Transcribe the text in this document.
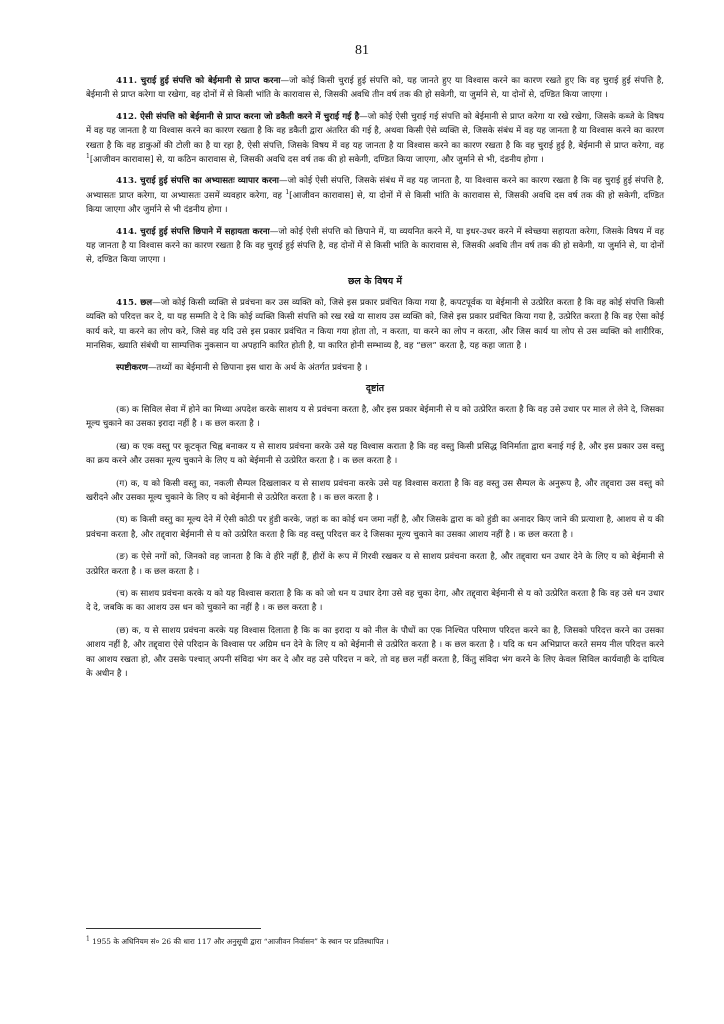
81

411. चुराई हुई संपत्ति को बेईमानी से प्राप्त करना—जो कोई किसी चुराई हुई संपत्ति को, यह जानते हुए या विश्वास करने का कारण रखते हुए कि वह चुराई हुई संपत्ति है, बेईमानी से प्राप्त करेगा या रखेगा, वह दोनों में से किसी भांति के कारावास से, जिसकी अवधि तीन वर्ष तक की हो सकेगी, या जुर्माने से, या दोनों से, दण्डित किया जाएगा ।

412. ऐसी संपत्ति को बेईमानी से प्राप्त करना जो डकैती करने में चुराई गई है—जो कोई ऐसी चुराई गई संपत्ति को बेईमानी से प्राप्त करेगा या रखे रखेगा, जिसके कब्जे के विषय में वह यह जानता है या विश्वास करने का कारण रखता है कि वह डकैती द्वारा अंतरित की गई है, अथवा किसी ऐसे व्यक्ति से, जिसके संबंध में वह यह जानता है या विश्वास करने का कारण रखता है कि वह डाकुओं की टोली का है या रहा है, ऐसी संपत्ति, जिसके विषय में वह यह जानता है या विश्वास करने का कारण रखता है कि वह चुराई हुई है, बेईमानी से प्राप्त करेगा, वह $^1$[आजीवन कारावास] से, या कठिन कारावास से, जिसकी अवधि दस वर्ष तक की हो सकेगी, दण्डित किया जाएगा, और जुर्माने से भी, दंडनीय होगा ।

413. चुराई हुई संपत्ति का अभ्यासतः व्यापार करना—जो कोई ऐसी संपत्ति, जिसके संबंध में वह यह जानता है, या विश्वास करने का कारण रखता है कि वह चुराई हुई संपत्ति है, अभ्यासतः प्राप्त करेगा, या अभ्यासतः उसमें व्यवहार करेगा, वह $^1$[आजीवन कारावास] से, या दोनों में से किसी भांति के कारावास से, जिसकी अवधि दस वर्ष तक की हो सकेगी, दण्डित किया जाएगा और जुर्माने से भी दंडनीय होगा ।

414. चुराई हुई संपत्ति छिपाने में सहायता करना—जो कोई ऐसी संपत्ति को छिपाने में, या व्ययनित करने में, या इधर-उधर करने में स्वेच्छया सहायता करेगा, जिसके विषय में वह यह जानता है या विश्वास करने का कारण रखता है कि वह चुराई हुई संपत्ति है, वह दोनों में से किसी भांति के कारावास से, जिसकी अवधि तीन वर्ष तक की हो सकेगी, या जुर्माने से, या दोनों से, दण्डित किया जाएगा ।

छल के विषय में

415. छल—जो कोई किसी व्यक्ति से प्रवंचना कर उस व्यक्ति को, जिसे इस प्रकार प्रवंचित किया गया है, कपटपूर्वक या बेईमानी से उत्प्रेरित करता है कि वह कोई संपत्ति किसी व्यक्ति को परिदत्त कर दे, या यह सम्मति दे दे कि कोई व्यक्ति किसी संपत्ति को रख रखे या साशय उस व्यक्ति को, जिसे इस प्रकार प्रवंचित किया गया है, उत्प्रेरित करता है कि वह ऐसा कोई कार्य करे, या करने का लोप करे, जिसे वह यदि उसे इस प्रकार प्रवंचित न किया गया होता तो, न करता, या करने का लोप न करता, और जिस कार्य या लोप से उस व्यक्ति को शारीरिक, मानसिक, ख्याति संबंधी या साम्पत्तिक नुकसान या अपहानि कारित होती है, या कारित होनी सम्भाव्य है, वह “छल” करता है, यह कहा जाता है ।

स्पष्टीकरण—तथ्यों का बेईमानी से छिपाना इस धारा के अर्थ के अंतर्गत प्रवंचना है ।

दृष्टांत

(क) क सिविल सेवा में होने का मिथ्या अपदेश करके साशय य से प्रवंचना करता है, और इस प्रकार बेईमानी से य को उत्प्रेरित करता है कि वह उसे उधार पर माल ले लेने दे, जिसका मूल्य चुकाने का उसका इरादा नहीं है । क छल करता है ।

(ख) क एक वस्तु पर कूटकृत चिह्न बनाकर य से साशय प्रवंचना करके उसे यह विश्वास कराता है कि वह वस्तु किसी प्रसिद्ध विनिर्माता द्वारा बनाई गई है, और इस प्रकार उस वस्तु का क्रय करने और उसका मूल्य चुकाने के लिए य को बेईमानी से उत्प्रेरित करता है । क छल करता है ।

(ग) क, य को किसी वस्तु का, नकली सैम्पल दिखलाकर य से साशय प्रवंचना करके उसे यह विश्वास कराता है कि वह वस्तु उस सैम्पल के अनुरूप है, और तद्द्वारा उस वस्तु को खरीदने और उसका मूल्य चुकाने के लिए य को बेईमानी से उत्प्रेरित करता है । क छल करता है ।

(घ) क किसी वस्तु का मूल्य देने में ऐसी कोठी पर हुंडी करके, जहां क का कोई धन जमा नहीं है, और जिसके द्वारा क को हुंडी का अनादर किए जाने की प्रत्याशा है, आशय से य की प्रवंचना करता है, और तद्द्वारा बेईमानी से य को उत्प्रेरित करता है कि वह वस्तु परिदत्त कर दे जिसका मूल्य चुकाने का उसका आशय नहीं है । क छल करता है ।

(ङ) क ऐसे नगों को, जिनको वह जानता है कि वे हीरे नहीं हैं, हीरों के रूप में गिरवी रखकर य से साशय प्रवंचना करता है, और तद्द्वारा धन उधार देने के लिए य को बेईमानी से उत्प्रेरित करता है । क छल करता है ।

(च) क साशय प्रवंचना करके य को यह विश्वास कराता है कि क को जो धन य उधार देगा उसे वह चुका देगा, और तद्द्वारा बेईमानी से य को उत्प्रेरित करता है कि वह उसे धन उधार दे दे, जबकि क का आशय उस धन को चुकाने का नहीं है । क छल करता है ।

(छ) क, य से साशय प्रवंचना करके यह विश्वास दिलाता है कि क का इरादा य को नील के पौधों का एक निश्चित परिमाण परिदत्त करने का है, जिसको परिदत्त करने का उसका आशय नहीं है, और तद्द्वारा ऐसे परिदान के विश्वास पर अग्रिम धन देने के लिए य को बेईमानी से उत्प्रेरित करता है । क छल करता है । यदि क धन अभिप्राप्त करते समय नील परिदत्त करने का आशय रखता हो, और उसके पश्चात् अपनी संविदा भंग कर दे और वह उसे परिदत्त न करे, तो वह छल नहीं करता है, किंतु संविदा भंग करने के लिए केवल सिविल कार्यवाही के दायित्व के अधीन है ।

$^1$ 1955 के अधिनियम सं० 26 की धारा 117 और अनुसूची द्वारा “आजीवन निर्वासन” के स्थान पर प्रतिस्थापित ।
